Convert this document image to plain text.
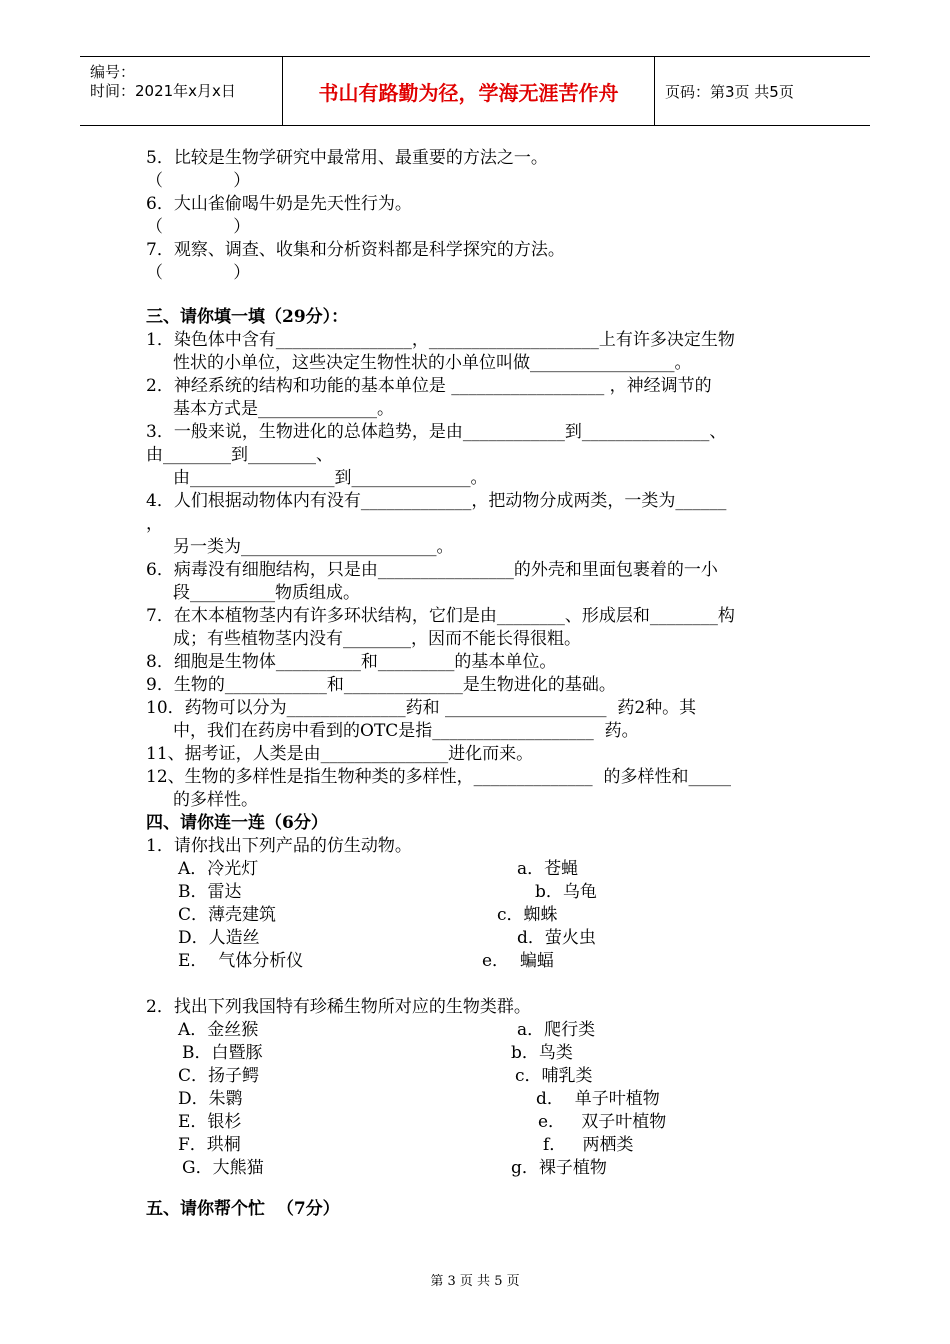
编号：
时间：2021年x月x日	书山有路勤为径，学海无涯苦作舟	页码：第3页 共5页
5．比较是生物学研究中最常用、最重要的方法之一。
（             ）
6．大山雀偷喝牛奶是先天性行为。
（             ）
7．观察、调查、收集和分析资料都是科学探究的方法。
（             ）
三、请你填一填（29分）：
1．染色体中含有________________，____________________上有许多决定生物
性状的小单位，这些决定生物性状的小单位叫做_________________。
2．神经系统的结构和功能的基本单位是 __________________ ，神经调节的
基本方式是______________。
3．一般来说，生物进化的总体趋势，是由____________到_______________、
由________到________、
由_________________到______________。
4．人们根据动物体内有没有_____________，把动物分成两类，一类为______
，
另一类为_______________________。
6．病毒没有细胞结构，只是由________________的外壳和里面包裹着的一小
段__________物质组成。
7．在木本植物茎内有许多环状结构，它们是由________、形成层和________构
成；有些植物茎内没有________，因而不能长得很粗。
8．细胞是生物体__________和_________的基本单位。
9．生物的____________和______________是生物进化的基础。
10．药物可以分为______________药和 ___________________  药2种。其
中，我们在药房中看到的OTC是指___________________  药。
11、据考证，人类是由_______________进化而来。
12、生物的多样性是指生物种类的多样性，______________  的多样性和_____
的多样性。
四、请你连一连（6分）
1．请你找出下列产品的仿生动物。
A．冷光灯	a．苍蝇
B．雷达	b．乌龟
C．薄壳建筑	c．蜘蛛
D．人造丝	d．萤火虫
E．  气体分析仪	e．  蝙蝠
2．找出下列我国特有珍稀生物所对应的生物类群。
A．金丝猴	a．爬行类
B．白暨豚	b．鸟类
C．扬子鳄	c．哺乳类
D．朱鹮	d．  单子叶植物
E．银杉	e．   双子叶植物
F．珙桐	f．   两栖类
G．大熊猫	g．裸子植物
五、请你帮个忙  （7分）
第 3 页 共 5 页
